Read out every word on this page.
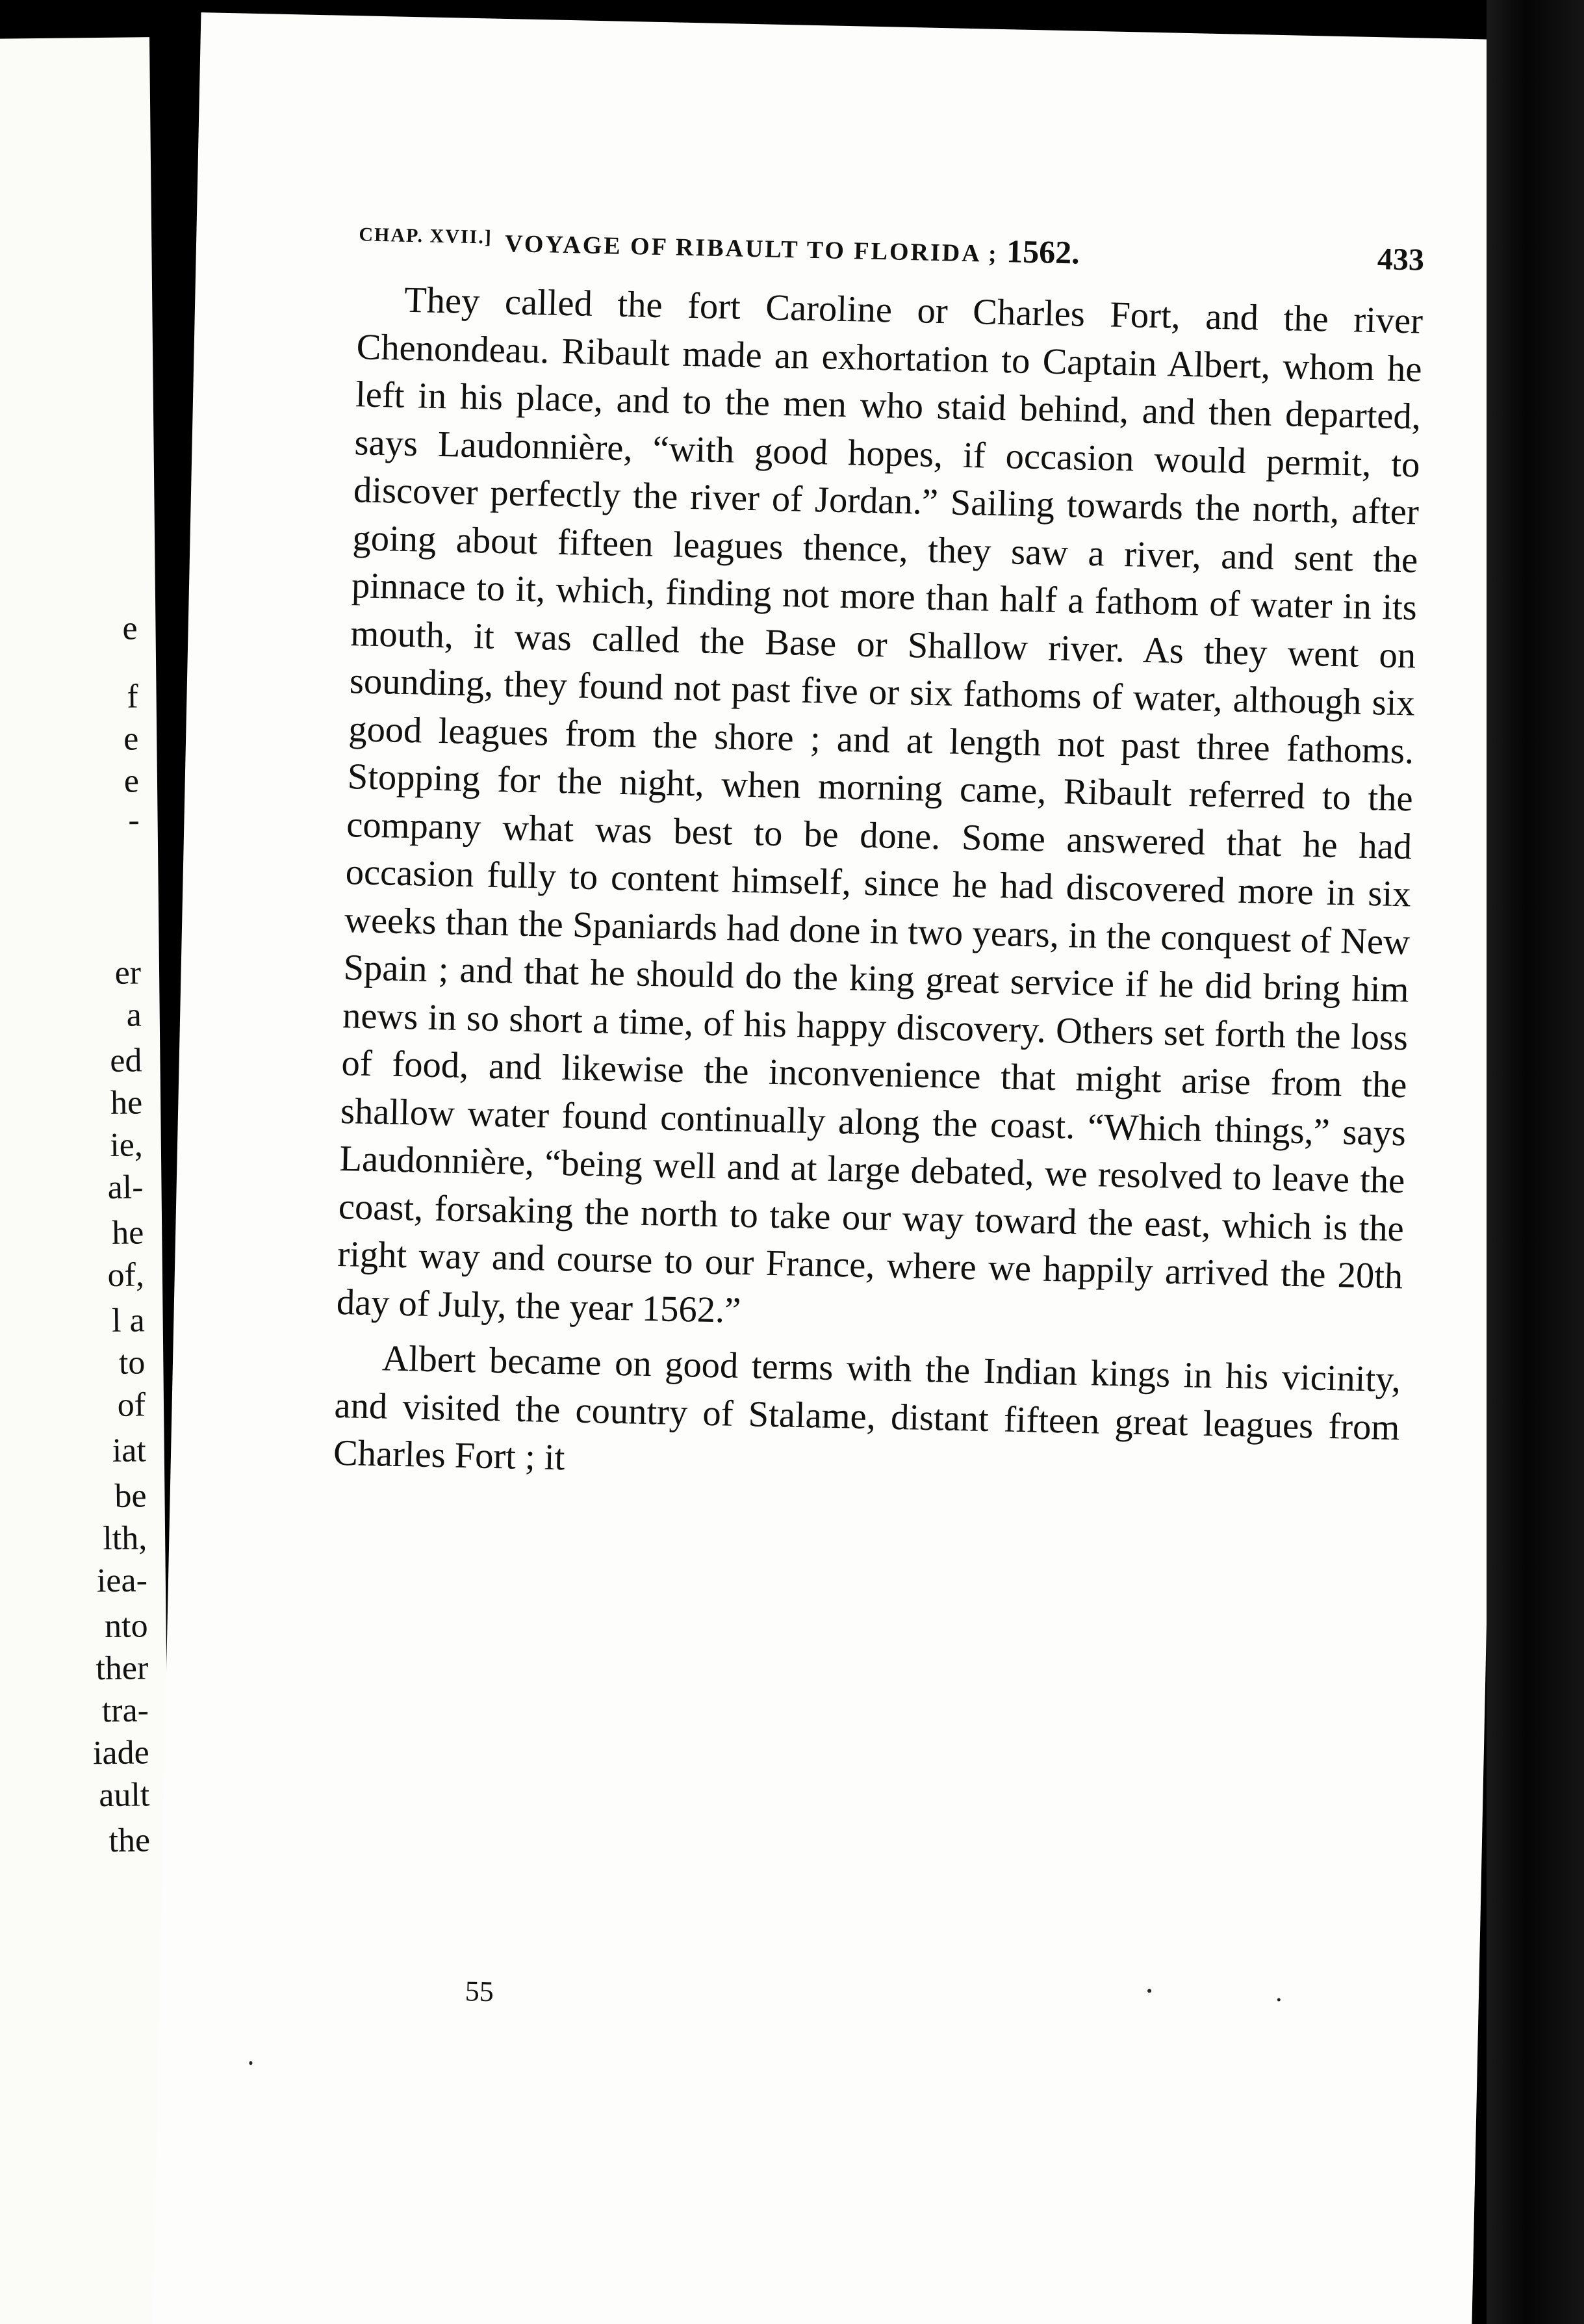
e
f
e
e
-
er
a
ed
he
ie,
al-
he
of,
l a
to
of
iat
be
lth,
iea-
nto
ther
tra-
iade
ault
the
CHAP. XVII.] VOYAGE OF RIBAULT TO FLORIDA ; 1562.	433

They called the fort Caroline or Charles Fort, and the river Chenondeau. Ribault made an exhortation to Captain Albert, whom he left in his place, and to the men who staid behind, and then departed, says Laudonnière, “with good hopes, if occasion would permit, to discover perfectly the river of Jordan.” Sailing towards the north, after going about fifteen leagues thence, they saw a river, and sent the pinnace to it, which, finding not more than half a fathom of water in its mouth, it was called the Base or Shallow river. As they went on sounding, they found not past five or six fathoms of water, although six good leagues from the shore ; and at length not past three fathoms. Stopping for the night, when morning came, Ribault referred to the company what was best to be done. Some answered that he had occasion fully to content himself, since he had discovered more in six weeks than the Spaniards had done in two years, in the conquest of New Spain ; and that he should do the king great service if he did bring him news in so short a time, of his happy discovery. Others set forth the loss of food, and likewise the inconvenience that might arise from the shallow water found continually along the coast. “Which things,” says Laudonnière, “being well and at large debated, we resolved to leave the coast, forsaking the north to take our way toward the east, which is the right way and course to our France, where we happily arrived the 20th day of July, the year 1562.”

Albert became on good terms with the Indian kings in his vicinity, and visited the country of Stalame, distant fifteen great leagues from Charles Fort ; it

55
